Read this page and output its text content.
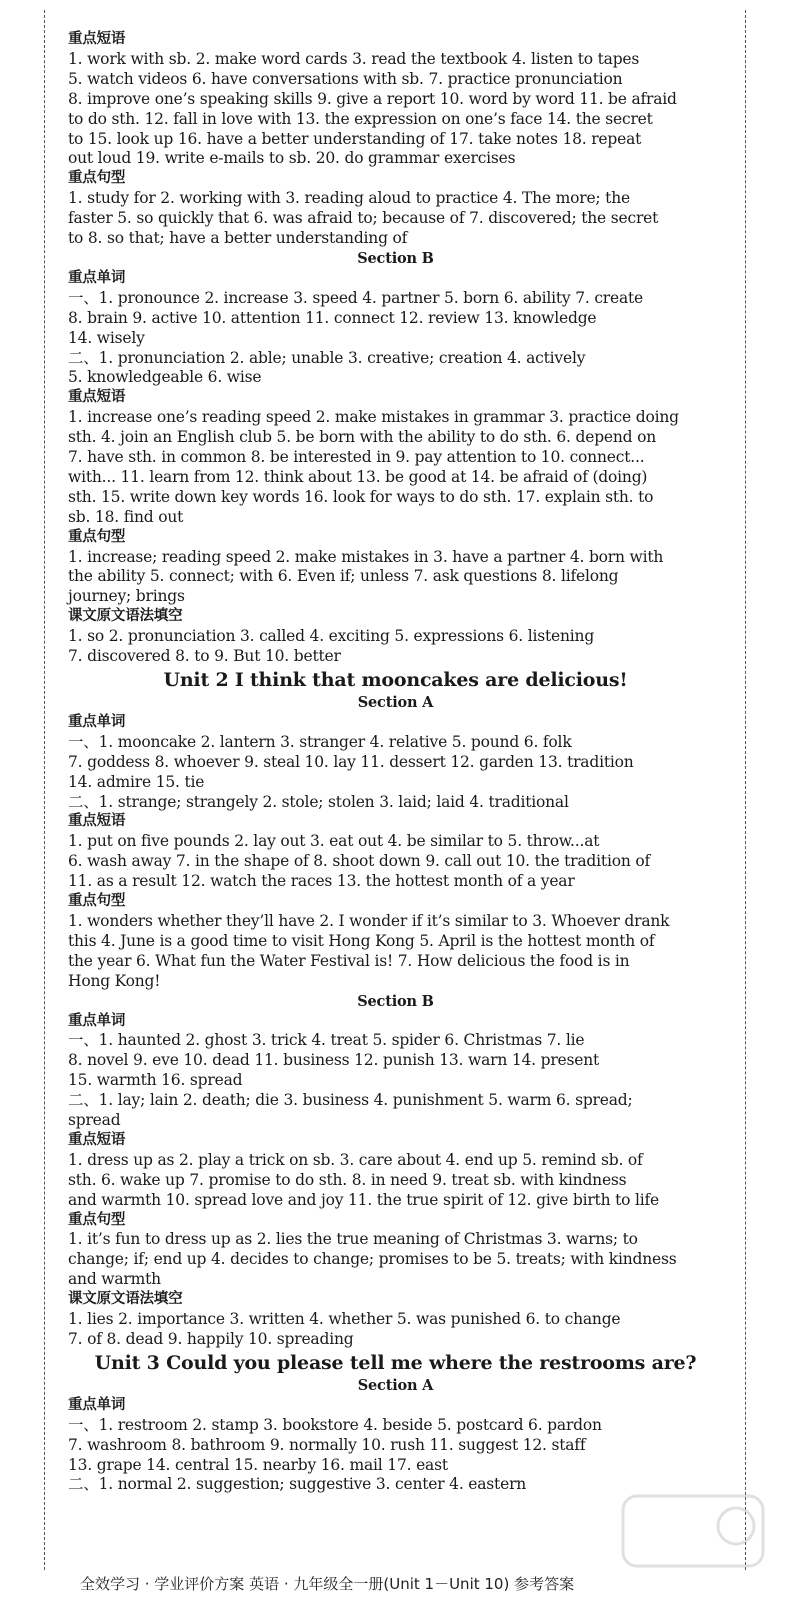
重点短语
1. work with sb. 2. make word cards 3. read the textbook 4. listen to tapes
5. watch videos 6. have conversations with sb. 7. practice pronunciation
8. improve one’s speaking skills 9. give a report 10. word by word 11. be afraid
to do sth. 12. fall in love with 13. the expression on one’s face 14. the secret
to 15. look up 16. have a better understanding of 17. take notes 18. repeat
out loud 19. write e-mails to sb. 20. do grammar exercises
重点句型
1. study for 2. working with 3. reading aloud to practice 4. The more; the
faster 5. so quickly that 6. was afraid to; because of 7. discovered; the secret
to 8. so that; have a better understanding of
Section B
重点单词
一、1. pronounce 2. increase 3. speed 4. partner 5. born 6. ability 7. create
8. brain 9. active 10. attention 11. connect 12. review 13. knowledge
14. wisely
二、1. pronunciation 2. able; unable 3. creative; creation 4. actively
5. knowledgeable 6. wise
重点短语
1. increase one’s reading speed 2. make mistakes in grammar 3. practice doing
sth. 4. join an English club 5. be born with the ability to do sth. 6. depend on
7. have sth. in common 8. be interested in 9. pay attention to 10. connect...
with... 11. learn from 12. think about 13. be good at 14. be afraid of (doing)
sth. 15. write down key words 16. look for ways to do sth. 17. explain sth. to
sb. 18. find out
重点句型
1. increase; reading speed 2. make mistakes in 3. have a partner 4. born with
the ability 5. connect; with 6. Even if; unless 7. ask questions 8. lifelong
journey; brings
课文原文语法填空
1. so 2. pronunciation 3. called 4. exciting 5. expressions 6. listening
7. discovered 8. to 9. But 10. better
Unit 2 I think that mooncakes are delicious!
Section A
重点单词
一、1. mooncake 2. lantern 3. stranger 4. relative 5. pound 6. folk
7. goddess 8. whoever 9. steal 10. lay 11. dessert 12. garden 13. tradition
14. admire 15. tie
二、1. strange; strangely 2. stole; stolen 3. laid; laid 4. traditional
重点短语
1. put on five pounds 2. lay out 3. eat out 4. be similar to 5. throw...at
6. wash away 7. in the shape of 8. shoot down 9. call out 10. the tradition of
11. as a result 12. watch the races 13. the hottest month of a year
重点句型
1. wonders whether they’ll have 2. I wonder if it’s similar to 3. Whoever drank
this 4. June is a good time to visit Hong Kong 5. April is the hottest month of
the year 6. What fun the Water Festival is! 7. How delicious the food is in
Hong Kong!
Section B
重点单词
一、1. haunted 2. ghost 3. trick 4. treat 5. spider 6. Christmas 7. lie
8. novel 9. eve 10. dead 11. business 12. punish 13. warn 14. present
15. warmth 16. spread
二、1. lay; lain 2. death; die 3. business 4. punishment 5. warm 6. spread;
spread
重点短语
1. dress up as 2. play a trick on sb. 3. care about 4. end up 5. remind sb. of
sth. 6. wake up 7. promise to do sth. 8. in need 9. treat sb. with kindness
and warmth 10. spread love and joy 11. the true spirit of 12. give birth to life
重点句型
1. it’s fun to dress up as 2. lies the true meaning of Christmas 3. warns; to
change; if; end up 4. decides to change; promises to be 5. treats; with kindness
and warmth
课文原文语法填空
1. lies 2. importance 3. written 4. whether 5. was punished 6. to change
7. of 8. dead 9. happily 10. spreading
Unit 3 Could you please tell me where the restrooms are?
Section A
重点单词
一、1. restroom 2. stamp 3. bookstore 4. beside 5. postcard 6. pardon
7. washroom 8. bathroom 9. normally 10. rush 11. suggest 12. staff
13. grape 14. central 15. nearby 16. mail 17. east
二、1. normal 2. suggestion; suggestive 3. center 4. eastern
全效学习 · 学业评价方案 英语 · 九年级全一册(Unit 1－Unit 10) 参考答案
